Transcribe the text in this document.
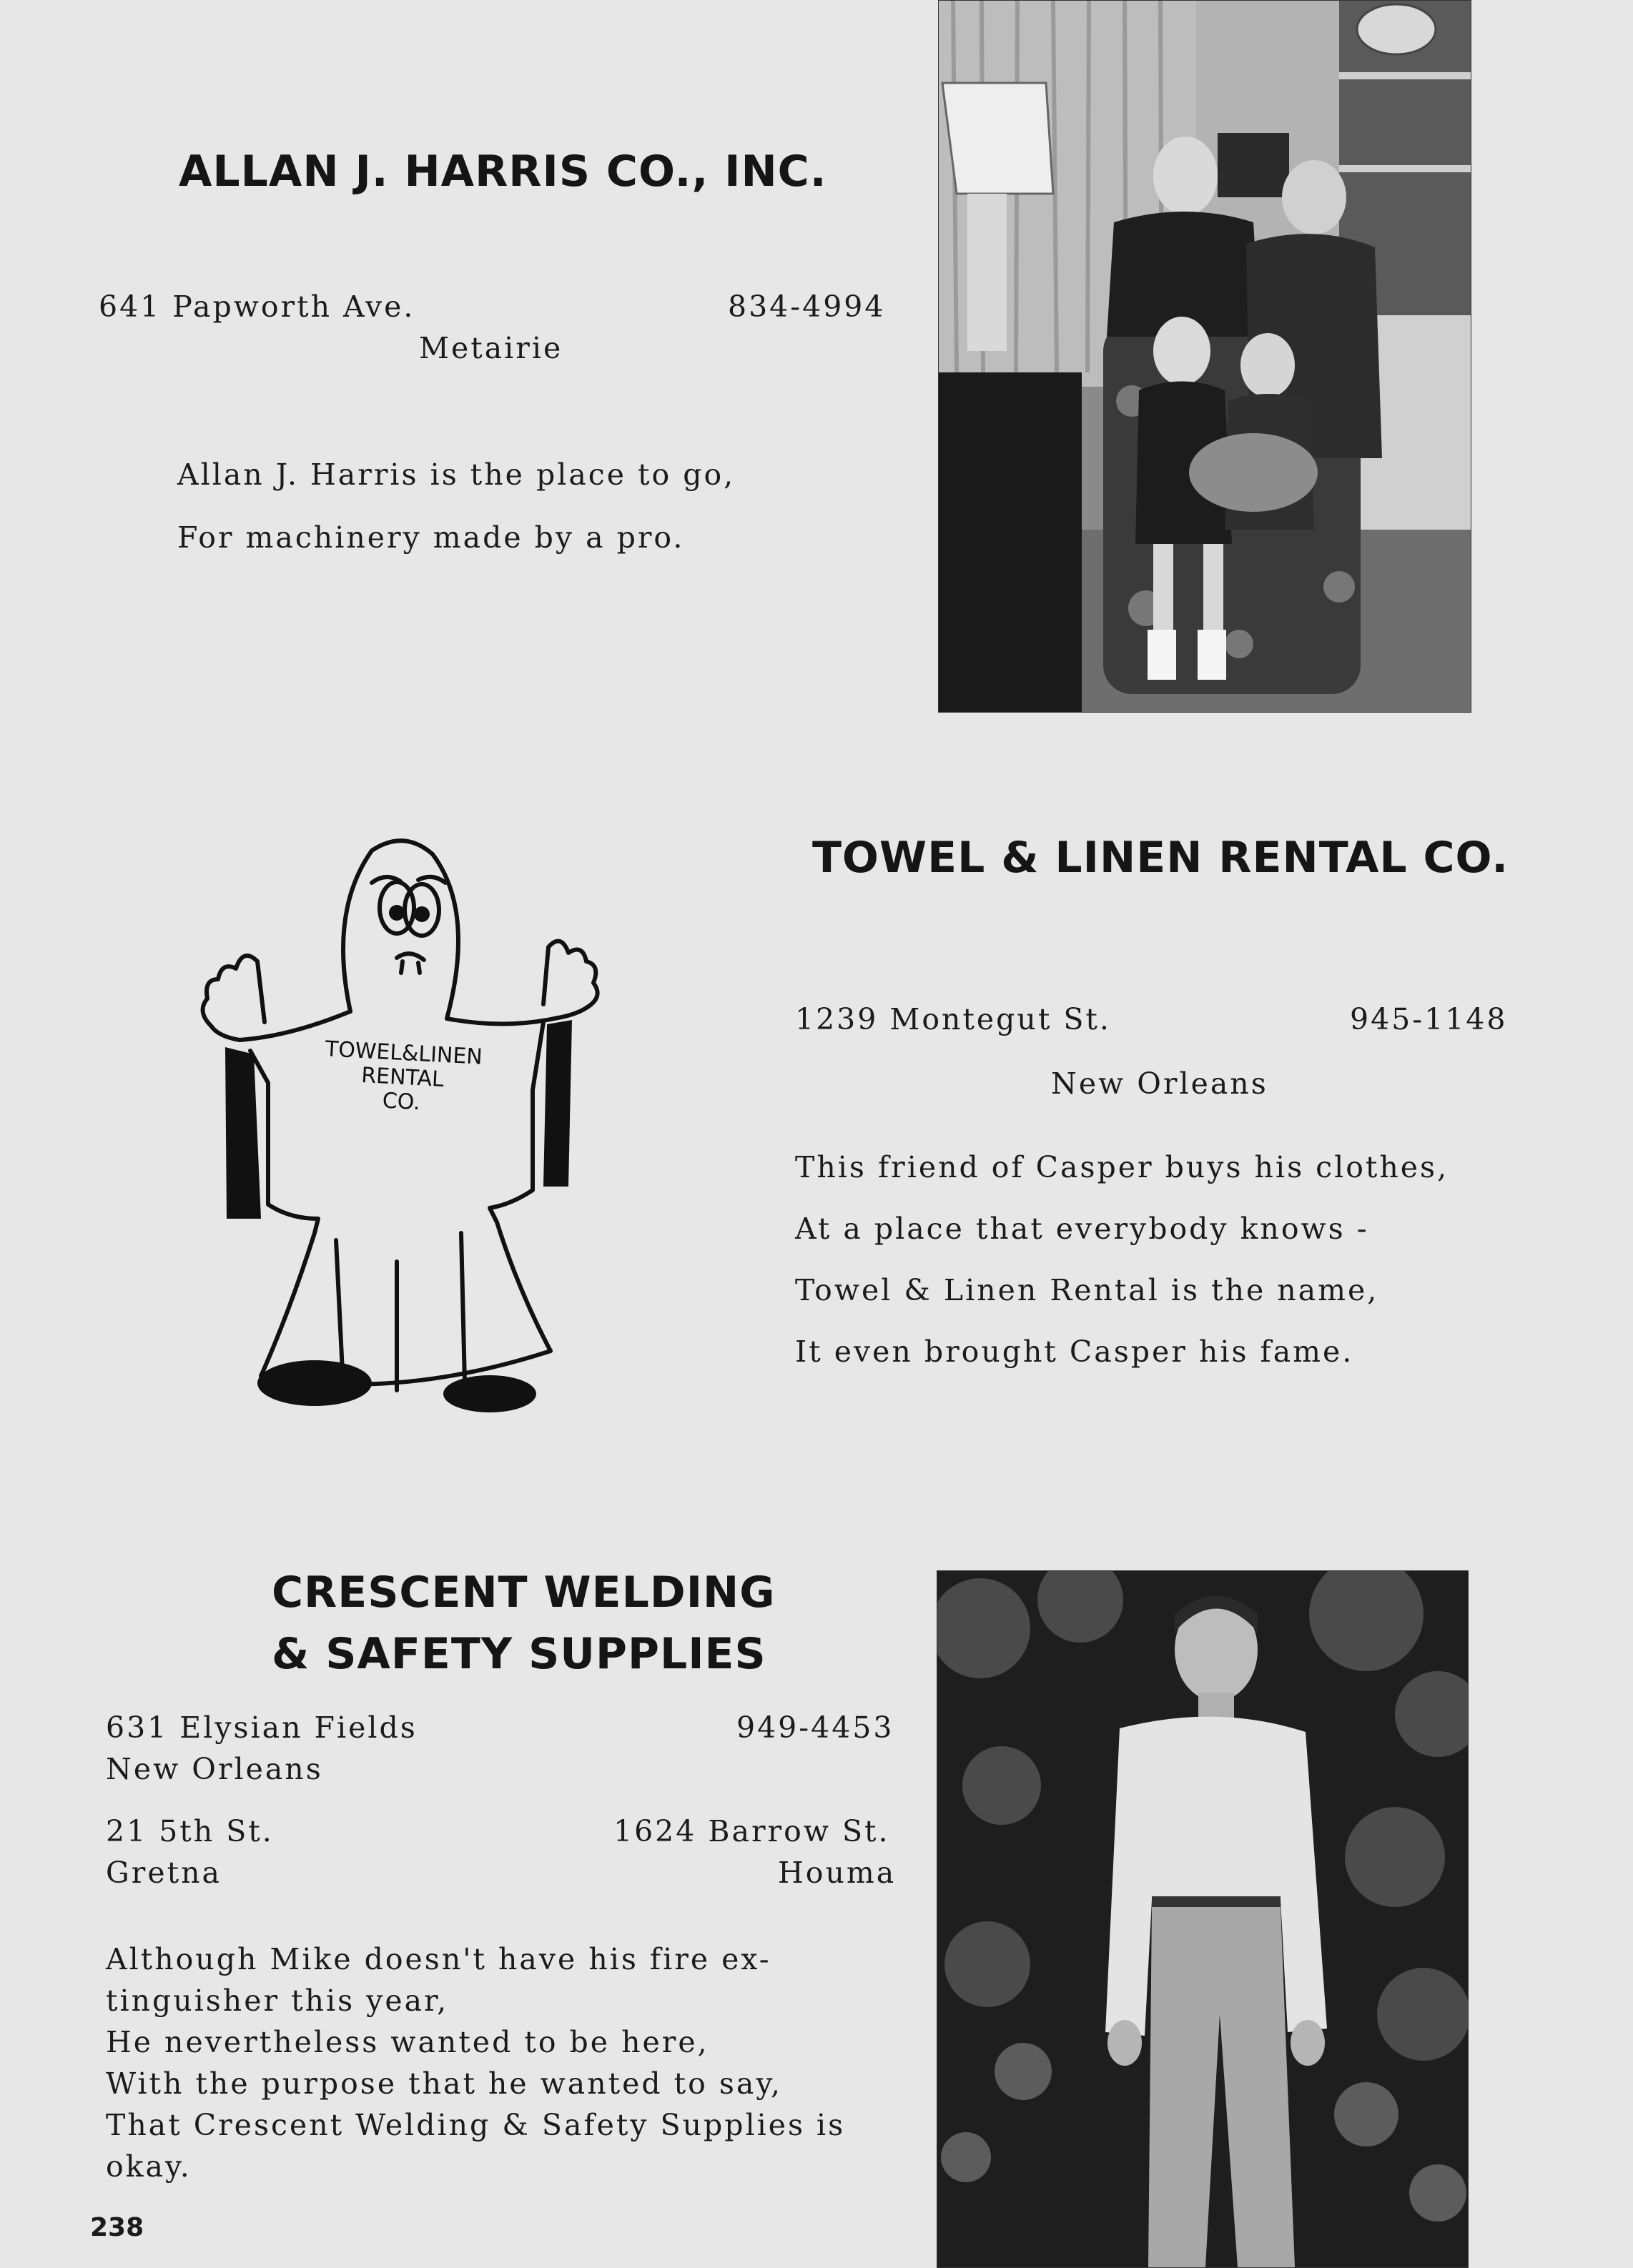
ALLAN J. HARRIS CO., INC.
641 Papworth Ave.	834-4994
Metairie
Allan J. Harris is the place to go,
For machinery made by a pro.
TOWEL&LINEN
RENTAL
CO.
TOWEL & LINEN RENTAL CO.
1239 Montegut St.	945-1148
New Orleans
This friend of Casper buys his clothes,
At a place that everybody knows -
Towel & Linen Rental is the name,
It even brought Casper his fame.
CRESCENT WELDING
& SAFETY SUPPLIES
631 Elysian Fields	949-4453
New Orleans
21 5th St.
Gretna
1624 Barrow St.
Houma
Although Mike doesn't have his fire ex-
tinguisher this year,
He nevertheless wanted to be here,
With the purpose that he wanted to say,
That Crescent Welding & Safety Supplies is
okay.
238
